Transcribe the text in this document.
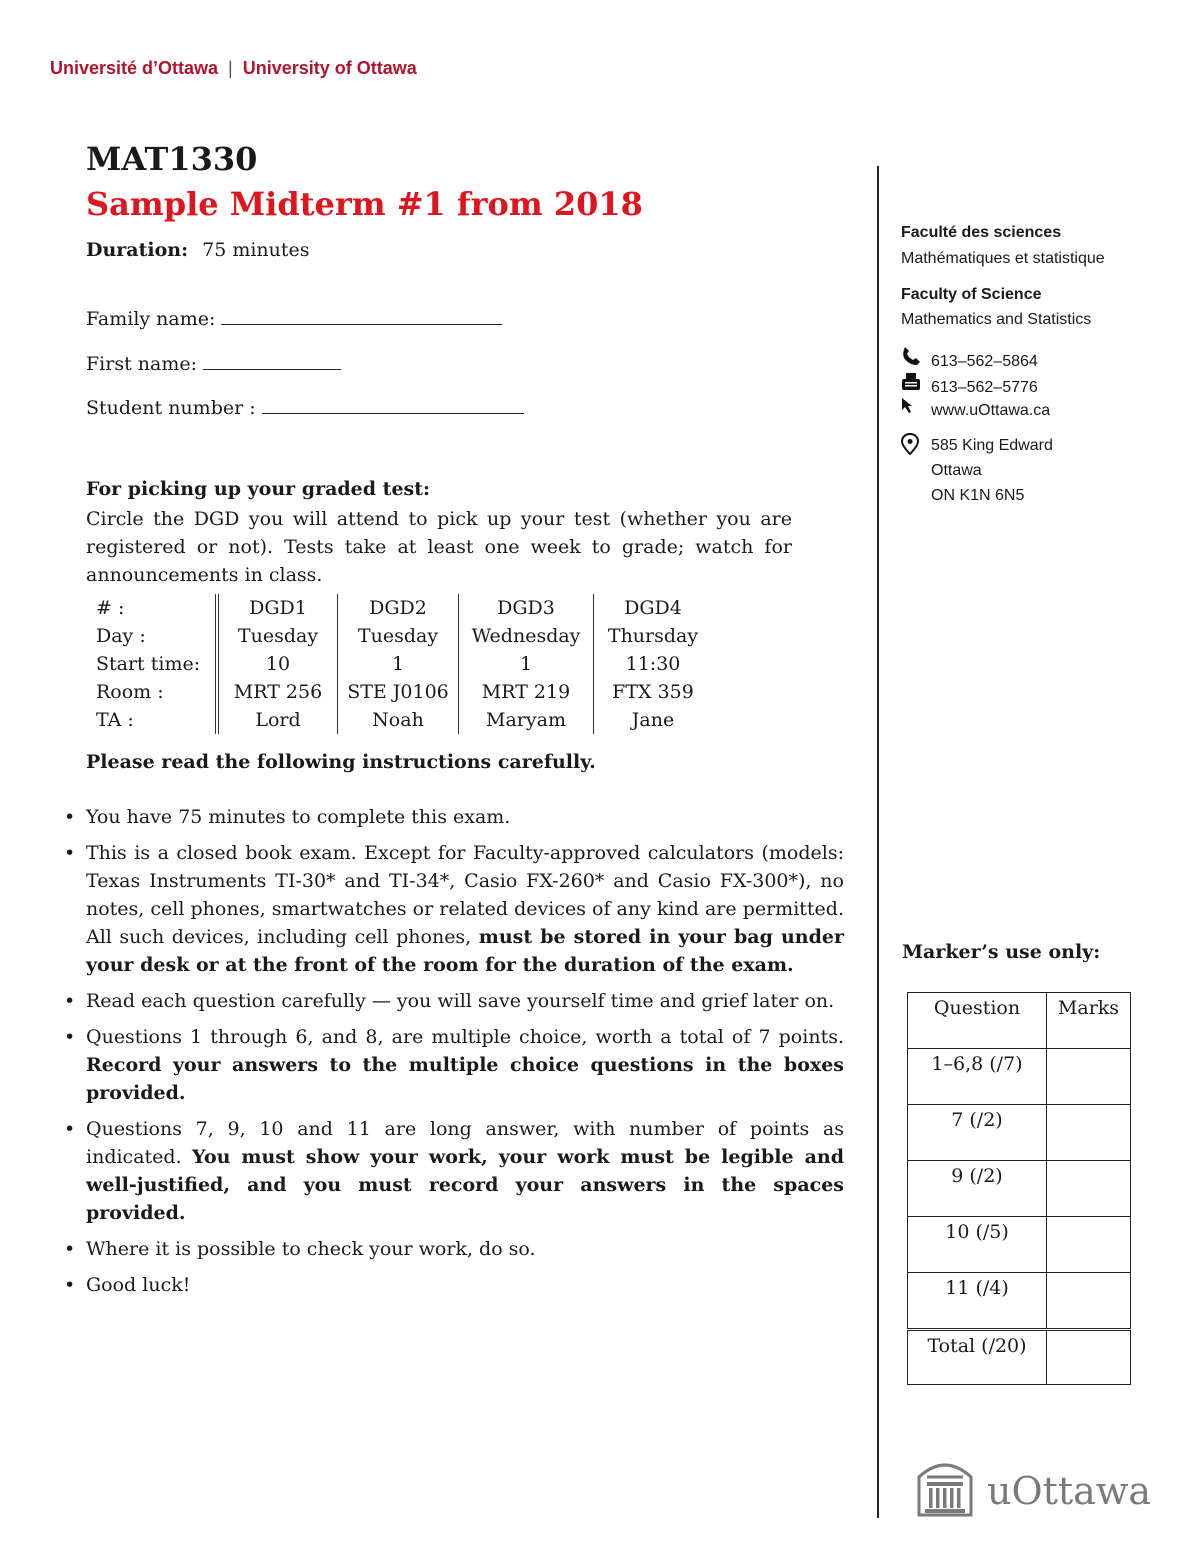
Université d’Ottawa | University of Ottawa
MAT1330
Sample Midterm #1 from 2018
Duration: 75 minutes
Family name:
First name:
Student number :
For picking up your graded test:
Circle the DGD you will attend to pick up your test (whether you are registered or not). Tests take at least one week to grade; watch for announcements in class.
# :	DGD1	DGD2	DGD3	DGD4
Day :	Tuesday	Tuesday	Wednesday	Thursday
Start time:	10	1	1	11:30
Room :	MRT 256	STE J0106	MRT 219	FTX 359
TA :	Lord	Noah	Maryam	Jane
Please read the following instructions carefully.
• You have 75 minutes to complete this exam.
• This is a closed book exam. Except for Faculty-approved calculators (models: Texas Instruments TI-30* and TI-34*, Casio FX-260* and Casio FX-300*), no notes, cell phones, smartwatches or related devices of any kind are permitted. All such devices, including cell phones, must be stored in your bag under your desk or at the front of the room for the duration of the exam.
• Read each question carefully — you will save yourself time and grief later on.
• Questions 1 through 6, and 8, are multiple choice, worth a total of 7 points. Record your answers to the multiple choice questions in the boxes provided.
• Questions 7, 9, 10 and 11 are long answer, with number of points as indicated. You must show your work, your work must be legible and well-justified, and you must record your answers in the spaces provided.
• Where it is possible to check your work, do so.
• Good luck!
Faculté des sciences
Mathématiques et statistique
Faculty of Science
Mathematics and Statistics
613–562–5864
613–562–5776
www.uOttawa.ca
585 King Edward
Ottawa
ON K1N 6N5
Marker’s use only:
Question	Marks
1–6,8 (/7)	
7 (/2)	
9 (/2)	
10 (/5)	
11 (/4)	
Total (/20)	
uOttawa
